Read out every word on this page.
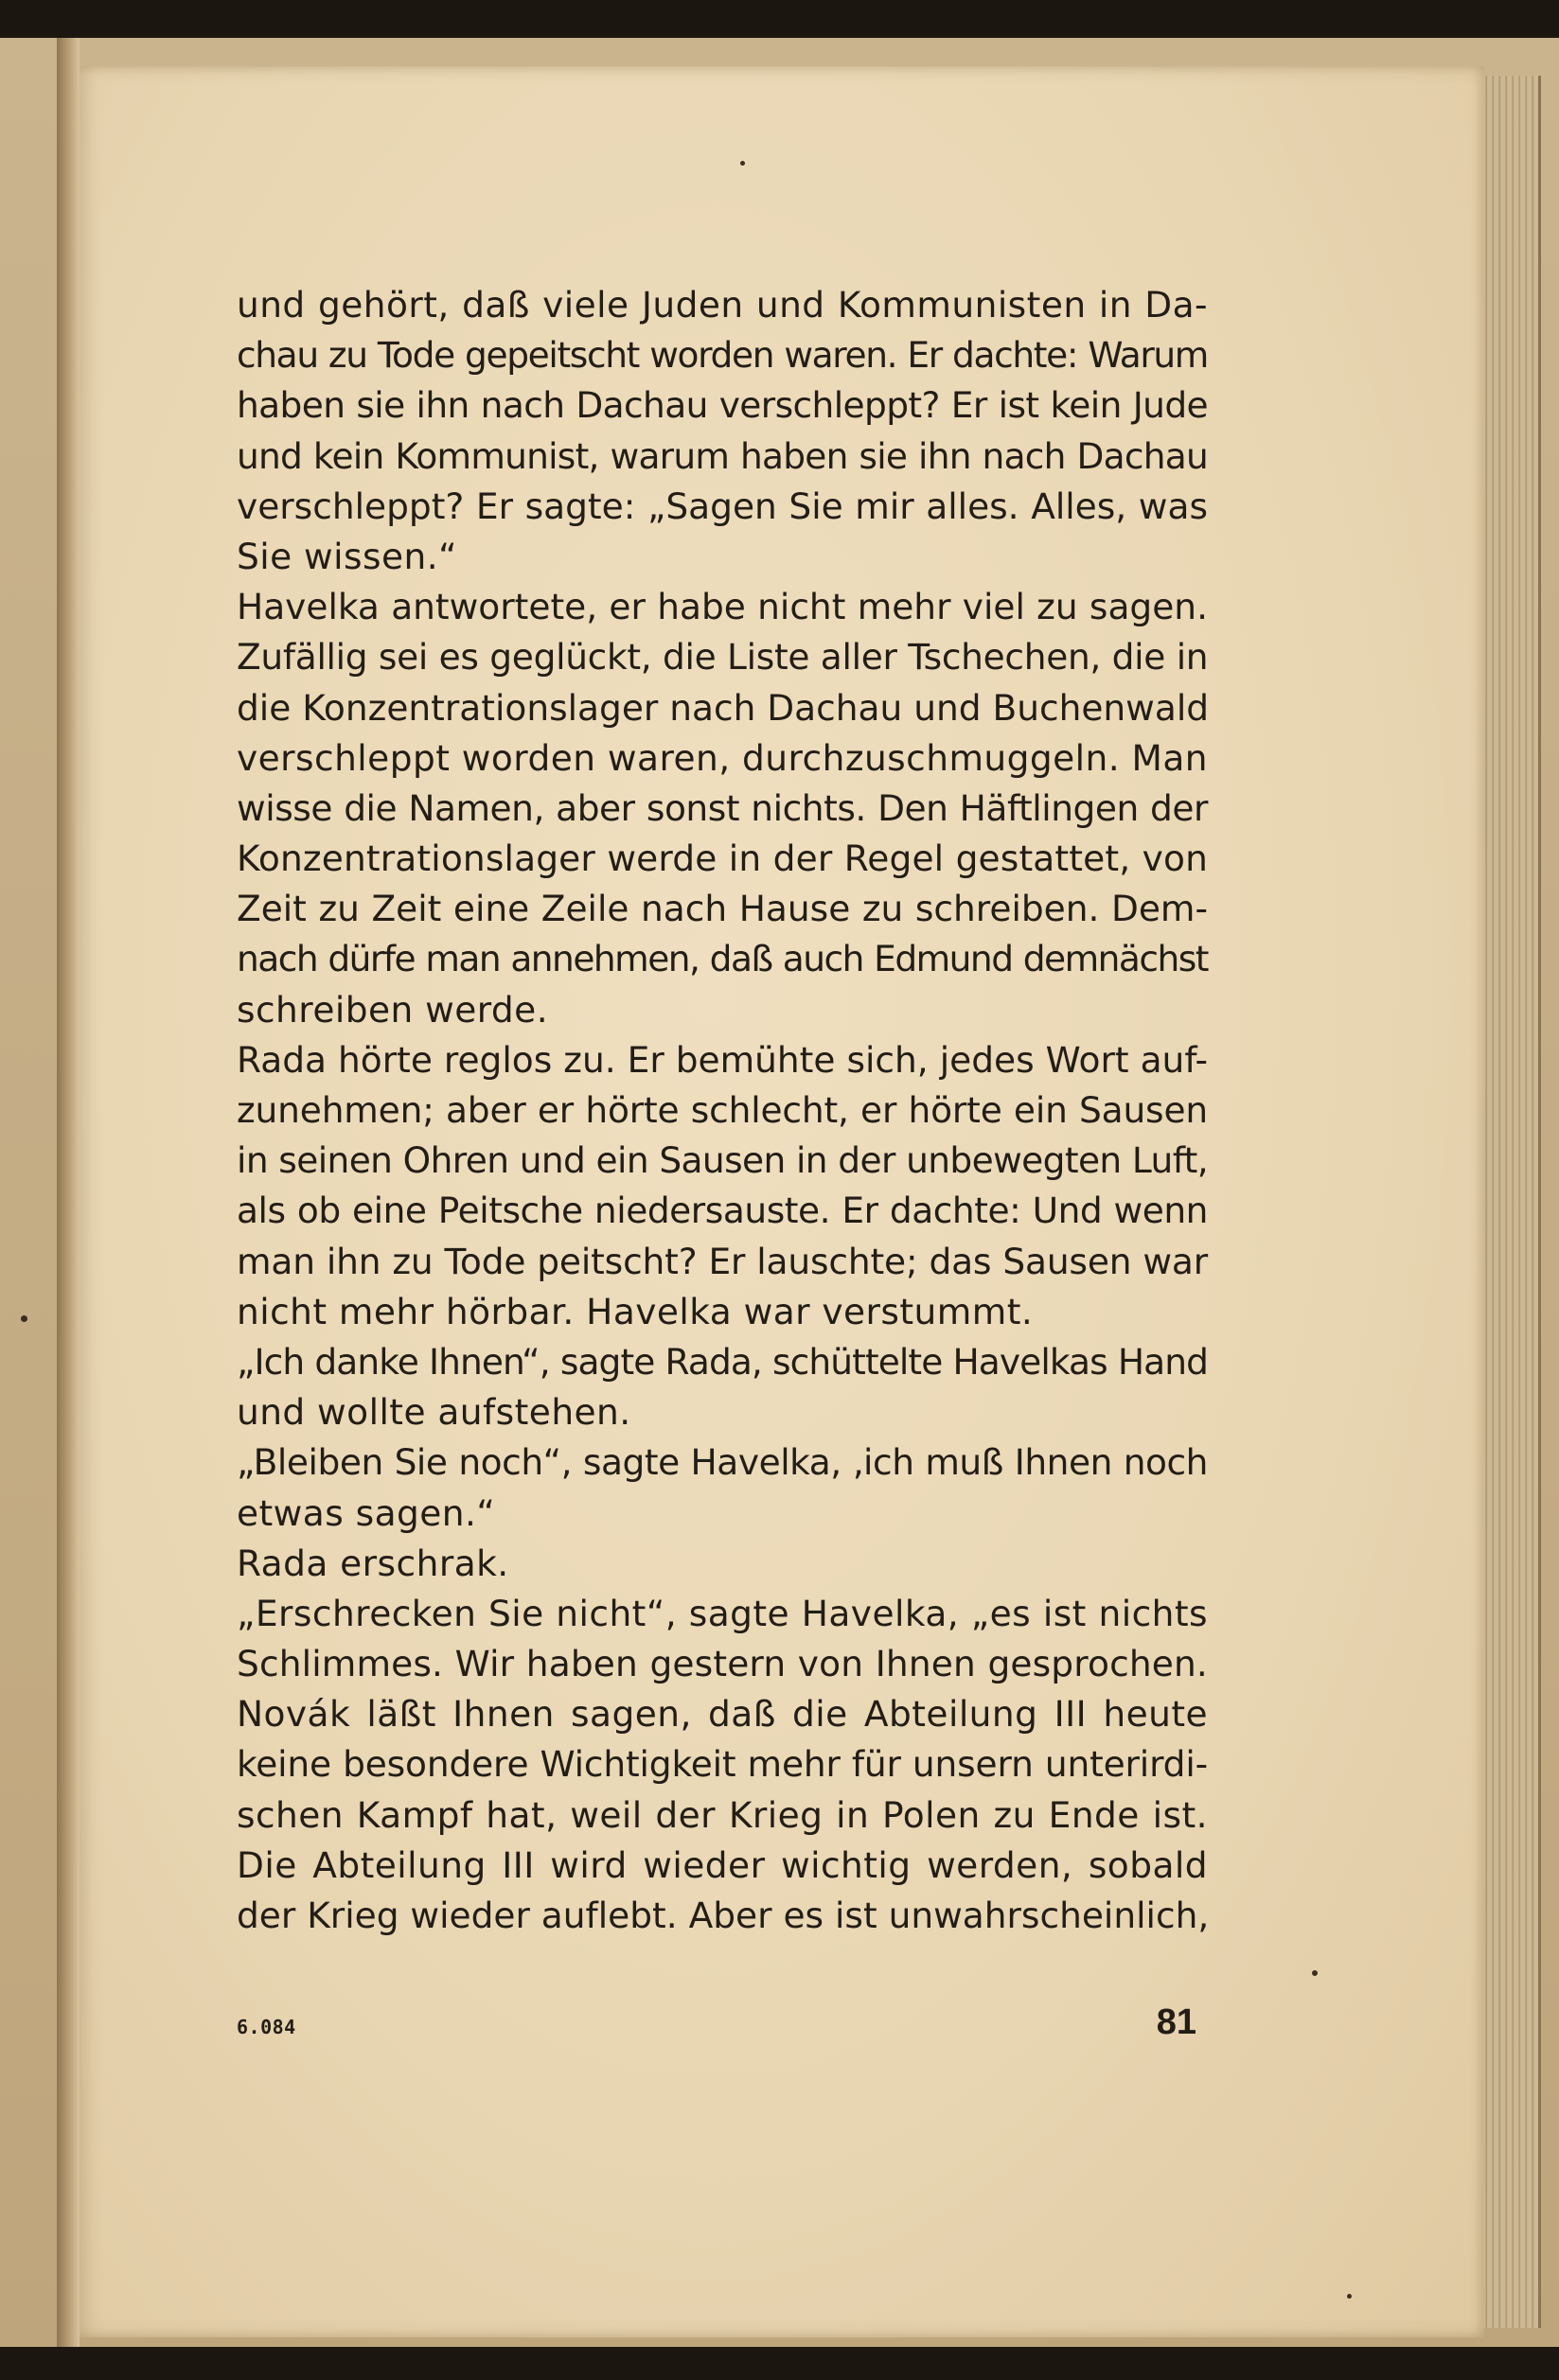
und gehört, daß viele Juden und Kommunisten in Da-
chau zu Tode gepeitscht worden waren. Er dachte: Warum
haben sie ihn nach Dachau verschleppt? Er ist kein Jude
und kein Kommunist, warum haben sie ihn nach Dachau
verschleppt? Er sagte: „Sagen Sie mir alles. Alles, was
Sie wissen.“
Havelka antwortete, er habe nicht mehr viel zu sagen.
Zufällig sei es geglückt, die Liste aller Tschechen, die in
die Konzentrationslager nach Dachau und Buchenwald
verschleppt worden waren, durchzuschmuggeln. Man
wisse die Namen, aber sonst nichts. Den Häftlingen der
Konzentrationslager werde in der Regel gestattet, von
Zeit zu Zeit eine Zeile nach Hause zu schreiben. Dem-
nach dürfe man annehmen, daß auch Edmund demnächst
schreiben werde.
Rada hörte reglos zu. Er bemühte sich, jedes Wort auf-
zunehmen; aber er hörte schlecht, er hörte ein Sausen
in seinen Ohren und ein Sausen in der unbewegten Luft,
als ob eine Peitsche niedersauste. Er dachte: Und wenn
man ihn zu Tode peitscht? Er lauschte; das Sausen war
nicht mehr hörbar. Havelka war verstummt.
„Ich danke Ihnen“, sagte Rada, schüttelte Havelkas Hand
und wollte aufstehen.
„Bleiben Sie noch“, sagte Havelka, ‚ich muß Ihnen noch
etwas sagen.“
Rada erschrak.
„Erschrecken Sie nicht“, sagte Havelka, „es ist nichts
Schlimmes. Wir haben gestern von Ihnen gesprochen.
Novák läßt Ihnen sagen, daß die Abteilung III heute
keine besondere Wichtigkeit mehr für unsern unterirdi-
schen Kampf hat, weil der Krieg in Polen zu Ende ist.
Die Abteilung III wird wieder wichtig werden, sobald
der Krieg wieder auflebt. Aber es ist unwahrscheinlich,
6.084	81
